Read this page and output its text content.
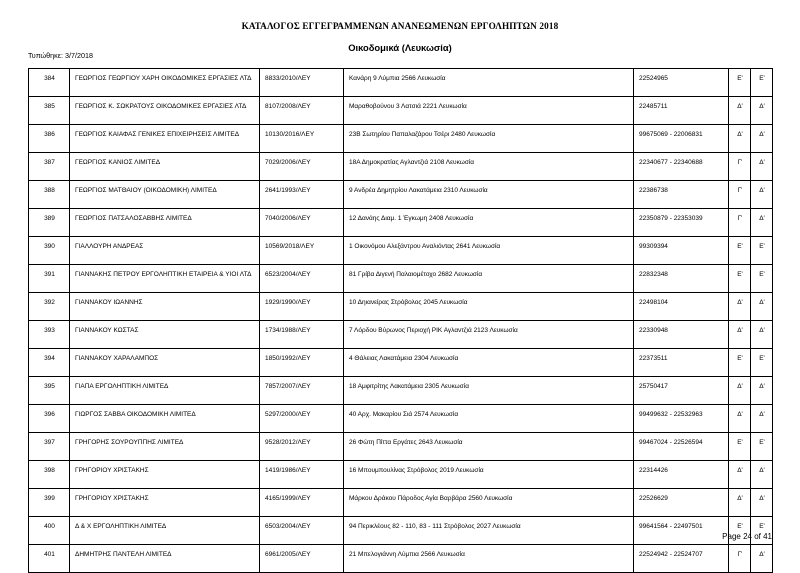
ΚΑΤΑΛΟΓΟΣ ΕΓΓΕΓΡΑΜΜΕΝΩΝ ΑΝΑΝΕΩΜΕΝΩΝ ΕΡΓΟΛΗΠΤΩΝ 2018
Οικοδομικά (Λευκωσία)
Τυπώθηκε: 3/7/2018
384	ΓΕΩΡΓΙΟΣ ΓΕΩΡΓΙΟΥ ΧΑΡΗ ΟΙΚΟΔΟΜΙΚΕΣ ΕΡΓΑΣΙΕΣ ΛΤΔ	8833/2010/ΛΕΥ	Κανάρη 9 Λύμπια 2566 Λευκωσία	22524965	Ε'	Ε'
385	ΓΕΩΡΓΙΟΣ Κ. ΣΩΚΡΑΤΟΥΣ ΟΙΚΟΔΟΜΙΚΕΣ ΕΡΓΑΣΙΕΣ ΛΤΔ	8107/2008/ΛΕΥ	Μαραθοβούνου 3 Λατσιά 2221 Λευκωσία	22485711	Δ'	Δ'
386	ΓΕΩΡΓΙΟΣ ΚΑΙΑΦΑΣ ΓΕΝΙΚΕΣ ΕΠΙΧΕΙΡΗΣΕΙΣ ΛΙΜΙΤΕΔ	10130/2016/ΛΕΥ	23Β Σωτηρίου Παπαλαζάρου Τσέρι 2480 Λευκωσία	99675069 - 22006831	Δ'	Δ'
387	ΓΕΩΡΓΙΟΣ ΚΑΝΙΟΣ ΛΙΜΙΤΕΔ	7029/2006/ΛΕΥ	18Α Δημοκρατίας Αγλαντζιά 2108 Λευκωσία	22340677 - 22340688	Γ'	Δ'
388	ΓΕΩΡΓΙΟΣ ΜΑΤΘΑΙΟΥ (ΟΙΚΟΔΟΜΙΚΗ) ΛΙΜΙΤΕΔ	2641/1993/ΛΕΥ	9 Ανδρέα Δημητρίου Λακατάμεια 2310 Λευκωσία	22386738	Γ'	Δ'
389	ΓΕΩΡΓΙΟΣ ΠΑΤΣΑΛΟΣΑΒΒΗΣ ΛΙΜΙΤΕΔ	7040/2006/ΛΕΥ	12 Δανάης Διαμ. 1 Έγκωμη 2408 Λευκωσία	22350879 - 22353039	Γ'	Δ'
390	ΓΙΑΛΛΟΥΡΗ ΑΝΔΡΕΑΣ	10569/2018/ΛΕΥ	1 Οικονόμου Αλεξάντρου Αναλιόντας 2641 Λευκωσία	99309394	Ε'	Ε'
391	ΓΙΑΝΝΑΚΗΣ ΠΕΤΡΟΥ ΕΡΓΟΛΗΠΤΙΚΗ ΕΤΑΙΡΕΙΑ & ΥΙΟΙ ΛΤΔ	6523/2004/ΛΕΥ	81 Γρίβα Διγενή Παλαιομέτοχο 2682 Λευκωσία	22832348	Ε'	Ε'
392	ΓΙΑΝΝΑΚΟΥ ΙΩΑΝΝΗΣ	1929/1990/ΛΕΥ	10 Δηιανείρας Στρόβολος 2045 Λευκωσία	22498104	Δ'	Δ'
393	ΓΙΑΝΝΑΚΟΥ ΚΩΣΤΑΣ	1734/1988/ΛΕΥ	7 Λόρδου Βύρωνος Περιοχή ΡΙΚ Αγλαντζιά 2123 Λευκωσία	22330948	Δ'	Δ'
394	ΓΙΑΝΝΑΚΟΥ ΧΑΡΑΛΑΜΠΟΣ	1850/1992/ΛΕΥ	4 Θάλειας Λακατάμεια 2304 Λευκωσία	22373511	Ε'	Ε'
395	ΓΙΑΠΑ ΕΡΓΟΛΗΠΤΙΚΗ ΛΙΜΙΤΕΔ	7857/2007/ΛΕΥ	18 Αμφιτρίτης Λακατάμεια 2305 Λευκωσία	25750417	Δ'	Δ'
396	ΓΙΩΡΓΟΣ ΣΑΒΒΑ ΟΙΚΟΔΟΜΙΚΗ ΛΙΜΙΤΕΔ	5297/2000/ΛΕΥ	40 Αρχ. Μακαρίου Σιά 2574 Λευκωσία	99499632 - 22532963	Δ'	Δ'
397	ΓΡΗΓΟΡΗΣ ΣΟΥΡΟΥΠΠΗΣ ΛΙΜΙΤΕΔ	9528/2012/ΛΕΥ	26 Φώτη Πίττα Εργάτες 2643 Λευκωσία	99467024 - 22526594	Ε'	Ε'
398	ΓΡΗΓΟΡΙΟΥ ΧΡΙΣΤΑΚΗΣ	1419/1986/ΛΕΥ	16 Μπουμπουλίνας Στρόβολος 2019 Λευκωσία	22314426	Δ'	Δ'
399	ΓΡΗΓΟΡΙΟΥ ΧΡΙΣΤΑΚΗΣ	4165/1999/ΛΕΥ	Μάρκου Δράκου Πάροδος Αγία Βαρβάρα 2560 Λευκωσία	22526629	Δ'	Δ'
400	Δ & Χ ΕΡΓΟΛΗΠΤΙΚΗ ΛΙΜΙΤΕΔ	6503/2004/ΛΕΥ	94 Περικλέους 82 - 110, 83 - 111 Στρόβολος 2027 Λευκωσία	99641564 - 22497501	Ε'	Ε'
401	ΔΗΜΗΤΡΗΣ ΠΑΝΤΕΛΗ ΛΙΜΙΤΕΔ	6961/2005/ΛΕΥ	21 Μπελογιάννη Λύμπια 2566 Λευκωσία	22524942 - 22524707	Γ'	Δ'
Page 24 of 41
